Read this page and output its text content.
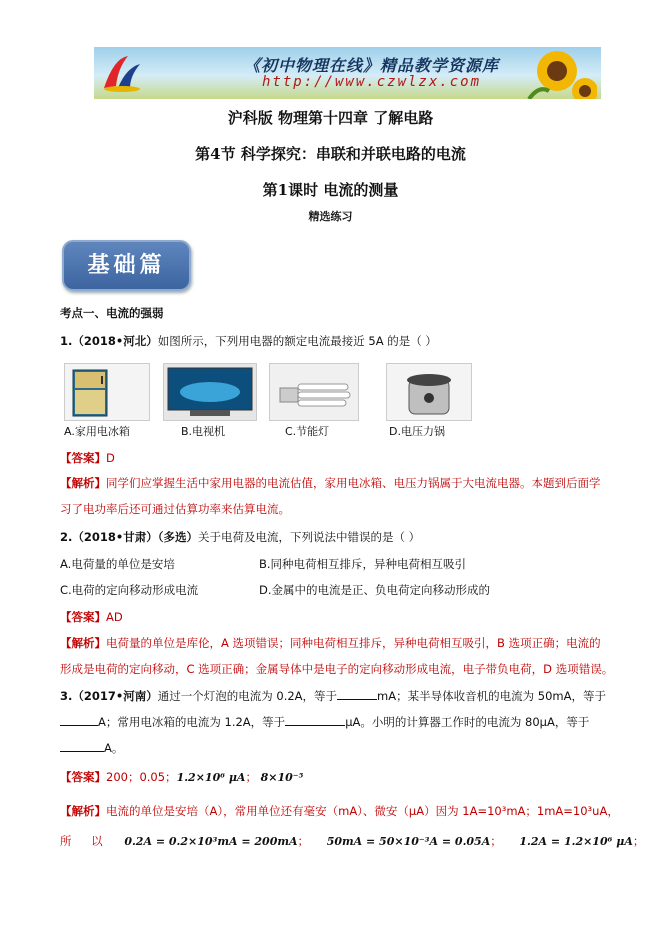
《初中物理在线》精品教学资源库
http://www.czwlzx.com
沪科版 物理第十四章 了解电路
第4节 科学探究：串联和并联电路的电流
第1课时 电流的测量
精选练习
基础篇
考点一、电流的强弱
1.（2018•河北）如图所示，下列用电器的额定电流最接近 5A 的是（ ）
A.家用电冰箱	B.电视机	C.节能灯	D.电压力锅
【答案】D
【解析】同学们应掌握生活中家用电器的电流估值，家用电冰箱、电压力锅属于大电流电器。本题到后面学
习了电功率后还可通过估算功率来估算电流。
2.（2018•甘肃）（多选）关于电荷及电流，下列说法中错误的是（ ）
A.电荷量的单位是安培	B.同种电荷相互排斥，异种电荷相互吸引
C.电荷的定向移动形成电流	D.金属中的电流是正、负电荷定向移动形成的
【答案】AD
【解析】电荷量的单位是库伦，A 选项错误；同种电荷相互排斥，异种电荷相互吸引，B 选项正确；电流的
形成是电荷的定向移动，C 选项正确；金属导体中是电子的定向移动形成电流，电子带负电荷，D 选项错误。
3.（2017•河南）通过一个灯泡的电流为 0.2A，等于	mA；某半导体收音机的电流为 50mA，等于
A；常用电冰箱的电流为 1.2A，等于	μA。小明的计算器工作时的电流为 80μA，等于
A。
【答案】200；0.05；1.2×10⁶ μA； 8×10⁻⁵
【解析】电流的单位是安培（A），常用单位还有毫安（mA）、微安（μA）因为 1A=10³mA；1mA=10³uA，
所 以 0.2A = 0.2×10³mA = 200mA； 50mA = 50×10⁻³A = 0.05A； 1.2A = 1.2×10⁶ μA；
